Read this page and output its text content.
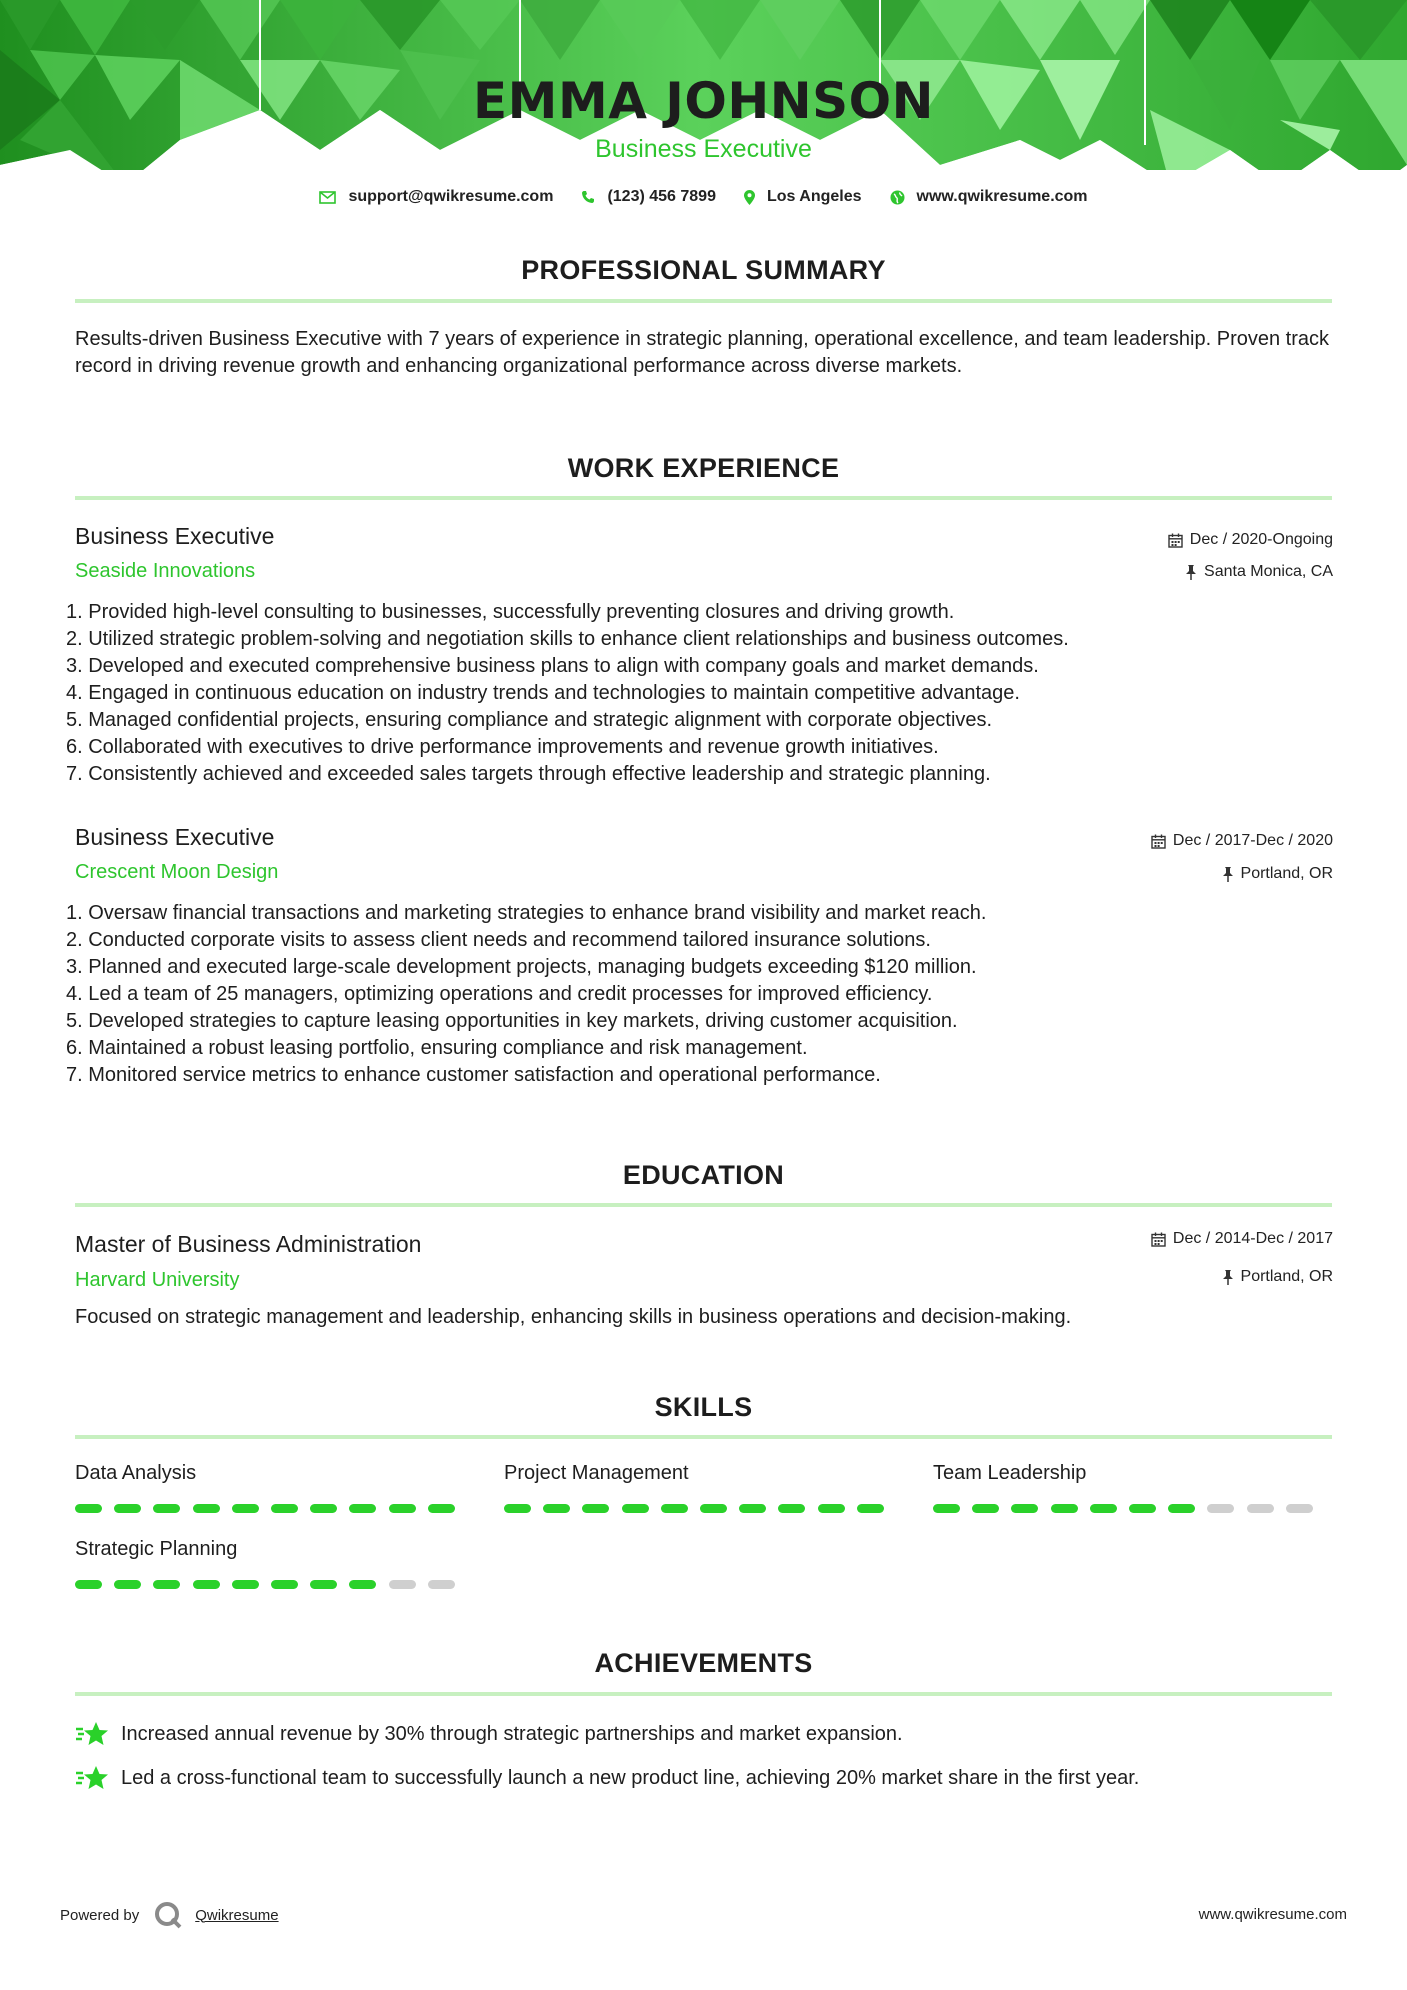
EMMA JOHNSON
Business Executive
support@qwikresume.com	(123) 456 7899	Los Angeles	www.qwikresume.com
PROFESSIONAL SUMMARY

Results-driven Business Executive with 7 years of experience in strategic planning, operational excellence, and team leadership. Proven track record in driving revenue growth and enhancing organizational performance across diverse markets.

WORK EXPERIENCE
Business Executive
Seaside Innovations
Dec / 2020-Ongoing
Santa Monica, CA
1. Provided high-level consulting to businesses, successfully preventing closures and driving growth.
2. Utilized strategic problem-solving and negotiation skills to enhance client relationships and business outcomes.
3. Developed and executed comprehensive business plans to align with company goals and market demands.
4. Engaged in continuous education on industry trends and technologies to maintain competitive advantage.
5. Managed confidential projects, ensuring compliance and strategic alignment with corporate objectives.
6. Collaborated with executives to drive performance improvements and revenue growth initiatives.
7. Consistently achieved and exceeded sales targets through effective leadership and strategic planning.
Business Executive
Crescent Moon Design
Dec / 2017-Dec / 2020
Portland, OR
1. Oversaw financial transactions and marketing strategies to enhance brand visibility and market reach.
2. Conducted corporate visits to assess client needs and recommend tailored insurance solutions.
3. Planned and executed large-scale development projects, managing budgets exceeding $120 million.
4. Led a team of 25 managers, optimizing operations and credit processes for improved efficiency.
5. Developed strategies to capture leasing opportunities in key markets, driving customer acquisition.
6. Maintained a robust leasing portfolio, ensuring compliance and risk management.
7. Monitored service metrics to enhance customer satisfaction and operational performance.
EDUCATION
Master of Business Administration
Harvard University
Dec / 2014-Dec / 2017
Portland, OR

Focused on strategic management and leadership, enhancing skills in business operations and decision-making.

SKILLS
Data Analysis	Project Management	Team Leadership
Strategic Planning
ACHIEVEMENTS
Increased annual revenue by 30% through strategic partnerships and market expansion.
Led a cross-functional team to successfully launch a new product line, achieving 20% market share in the first year.
Powered by	Qwikresume	www.qwikresume.com
